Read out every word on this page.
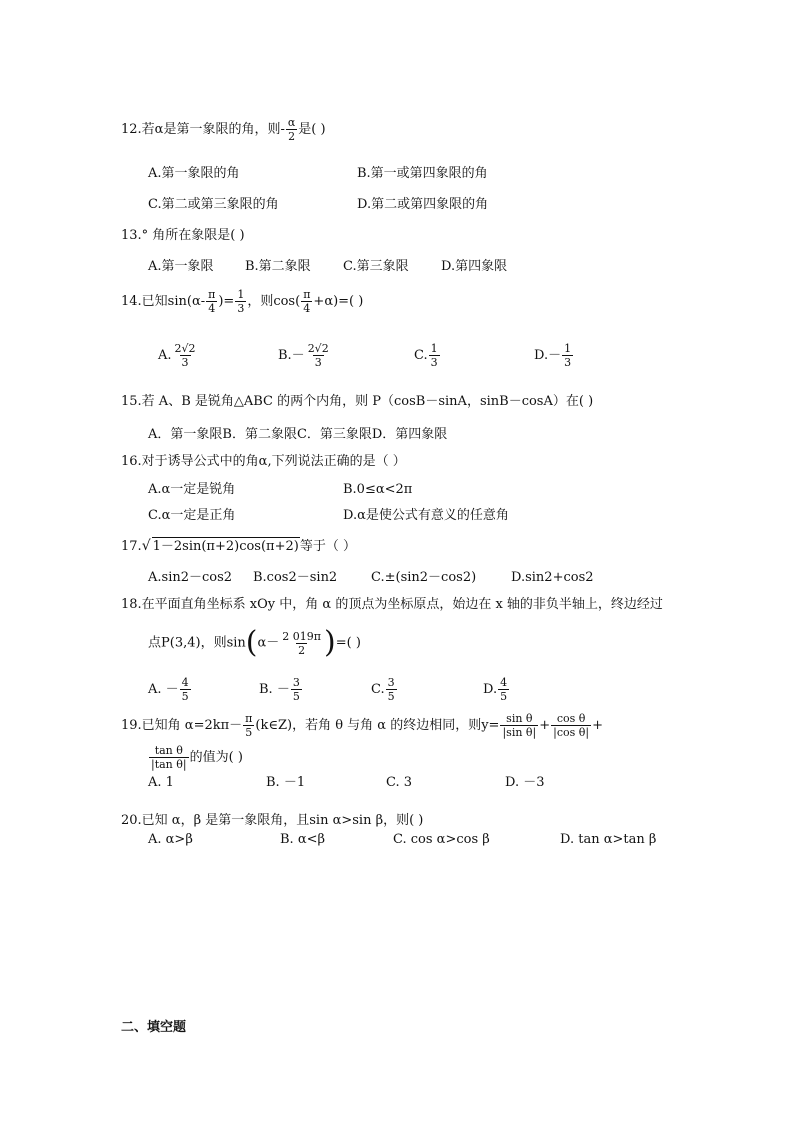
12.若α是第一象限的角，则- $\frac{\alpha}{2}$ 是( )
A.第一象限的角	B.第一或第四象限的角
C.第二或第三象限的角	D.第二或第四象限的角
13.° 角所在象限是( )
A.第一象限 B.第二象限 C.第三象限 D.第四象限
14.已知$\sin(\alpha- \frac{\pi}{4}$ )= $\frac{1}{3}$ ，则$\cos( \frac{\pi}{4} +\alpha)=$( )
A. $\frac{2√2}{3}$	$B.- \frac{2√2}{3}$	C. $\frac{1}{3}$	$D.- \frac{1}{3}$
15.若 A、B 是锐角△ABC 的两个内角，则 P（cosB－sinA，sinB－cosA）在( )
A．第一象限B．第二象限C．第三象限D．第四象限
16.对于诱导公式中的角α,下列说法正确的是（ ）
A.α一定是锐角	B.0≤α<2π
C.α一定是正角	D.α是使公式有意义的任意角
17.√ 1－2sin(π+2)cos(π+2)等于（ ）
A.sin2－cos2 B.cos2－sin2	C.±(sin2－cos2)	D.sin2+cos2
18.在平面直角坐标系 xOy 中，角 α 的顶点为坐标原点，始边在 x 轴的非负半轴上，终边经过
点P(3,4)，则$\sin(\alpha- \frac{2 019\pi}{2}$ )=( )
A. － $\frac{4}{5}$	B. － $\frac{3}{5}$	C. $\frac{3}{5}$	D. $\frac{4}{5}$
19.已知角 $\alpha=2k\pi- \frac{\pi}{5}$ (k∈Z)，若角 θ 与角 α 的终边相同，则$y= \frac{\text{sin θ}}{\text{|sin θ|}} + \frac{\text{cos θ}}{\text{|cos θ|}}$ +
$\frac{\text{tan θ}}{\text{|tan θ|}}$ 的值为( )
A. 1	B. －1	C. 3	D. －3
20.已知 α，β 是第一象限角，且sin α>sin β，则( )
A. α>β	B. α<β	C. cos α>cos β	D. tan α>tan β
二、填空题
